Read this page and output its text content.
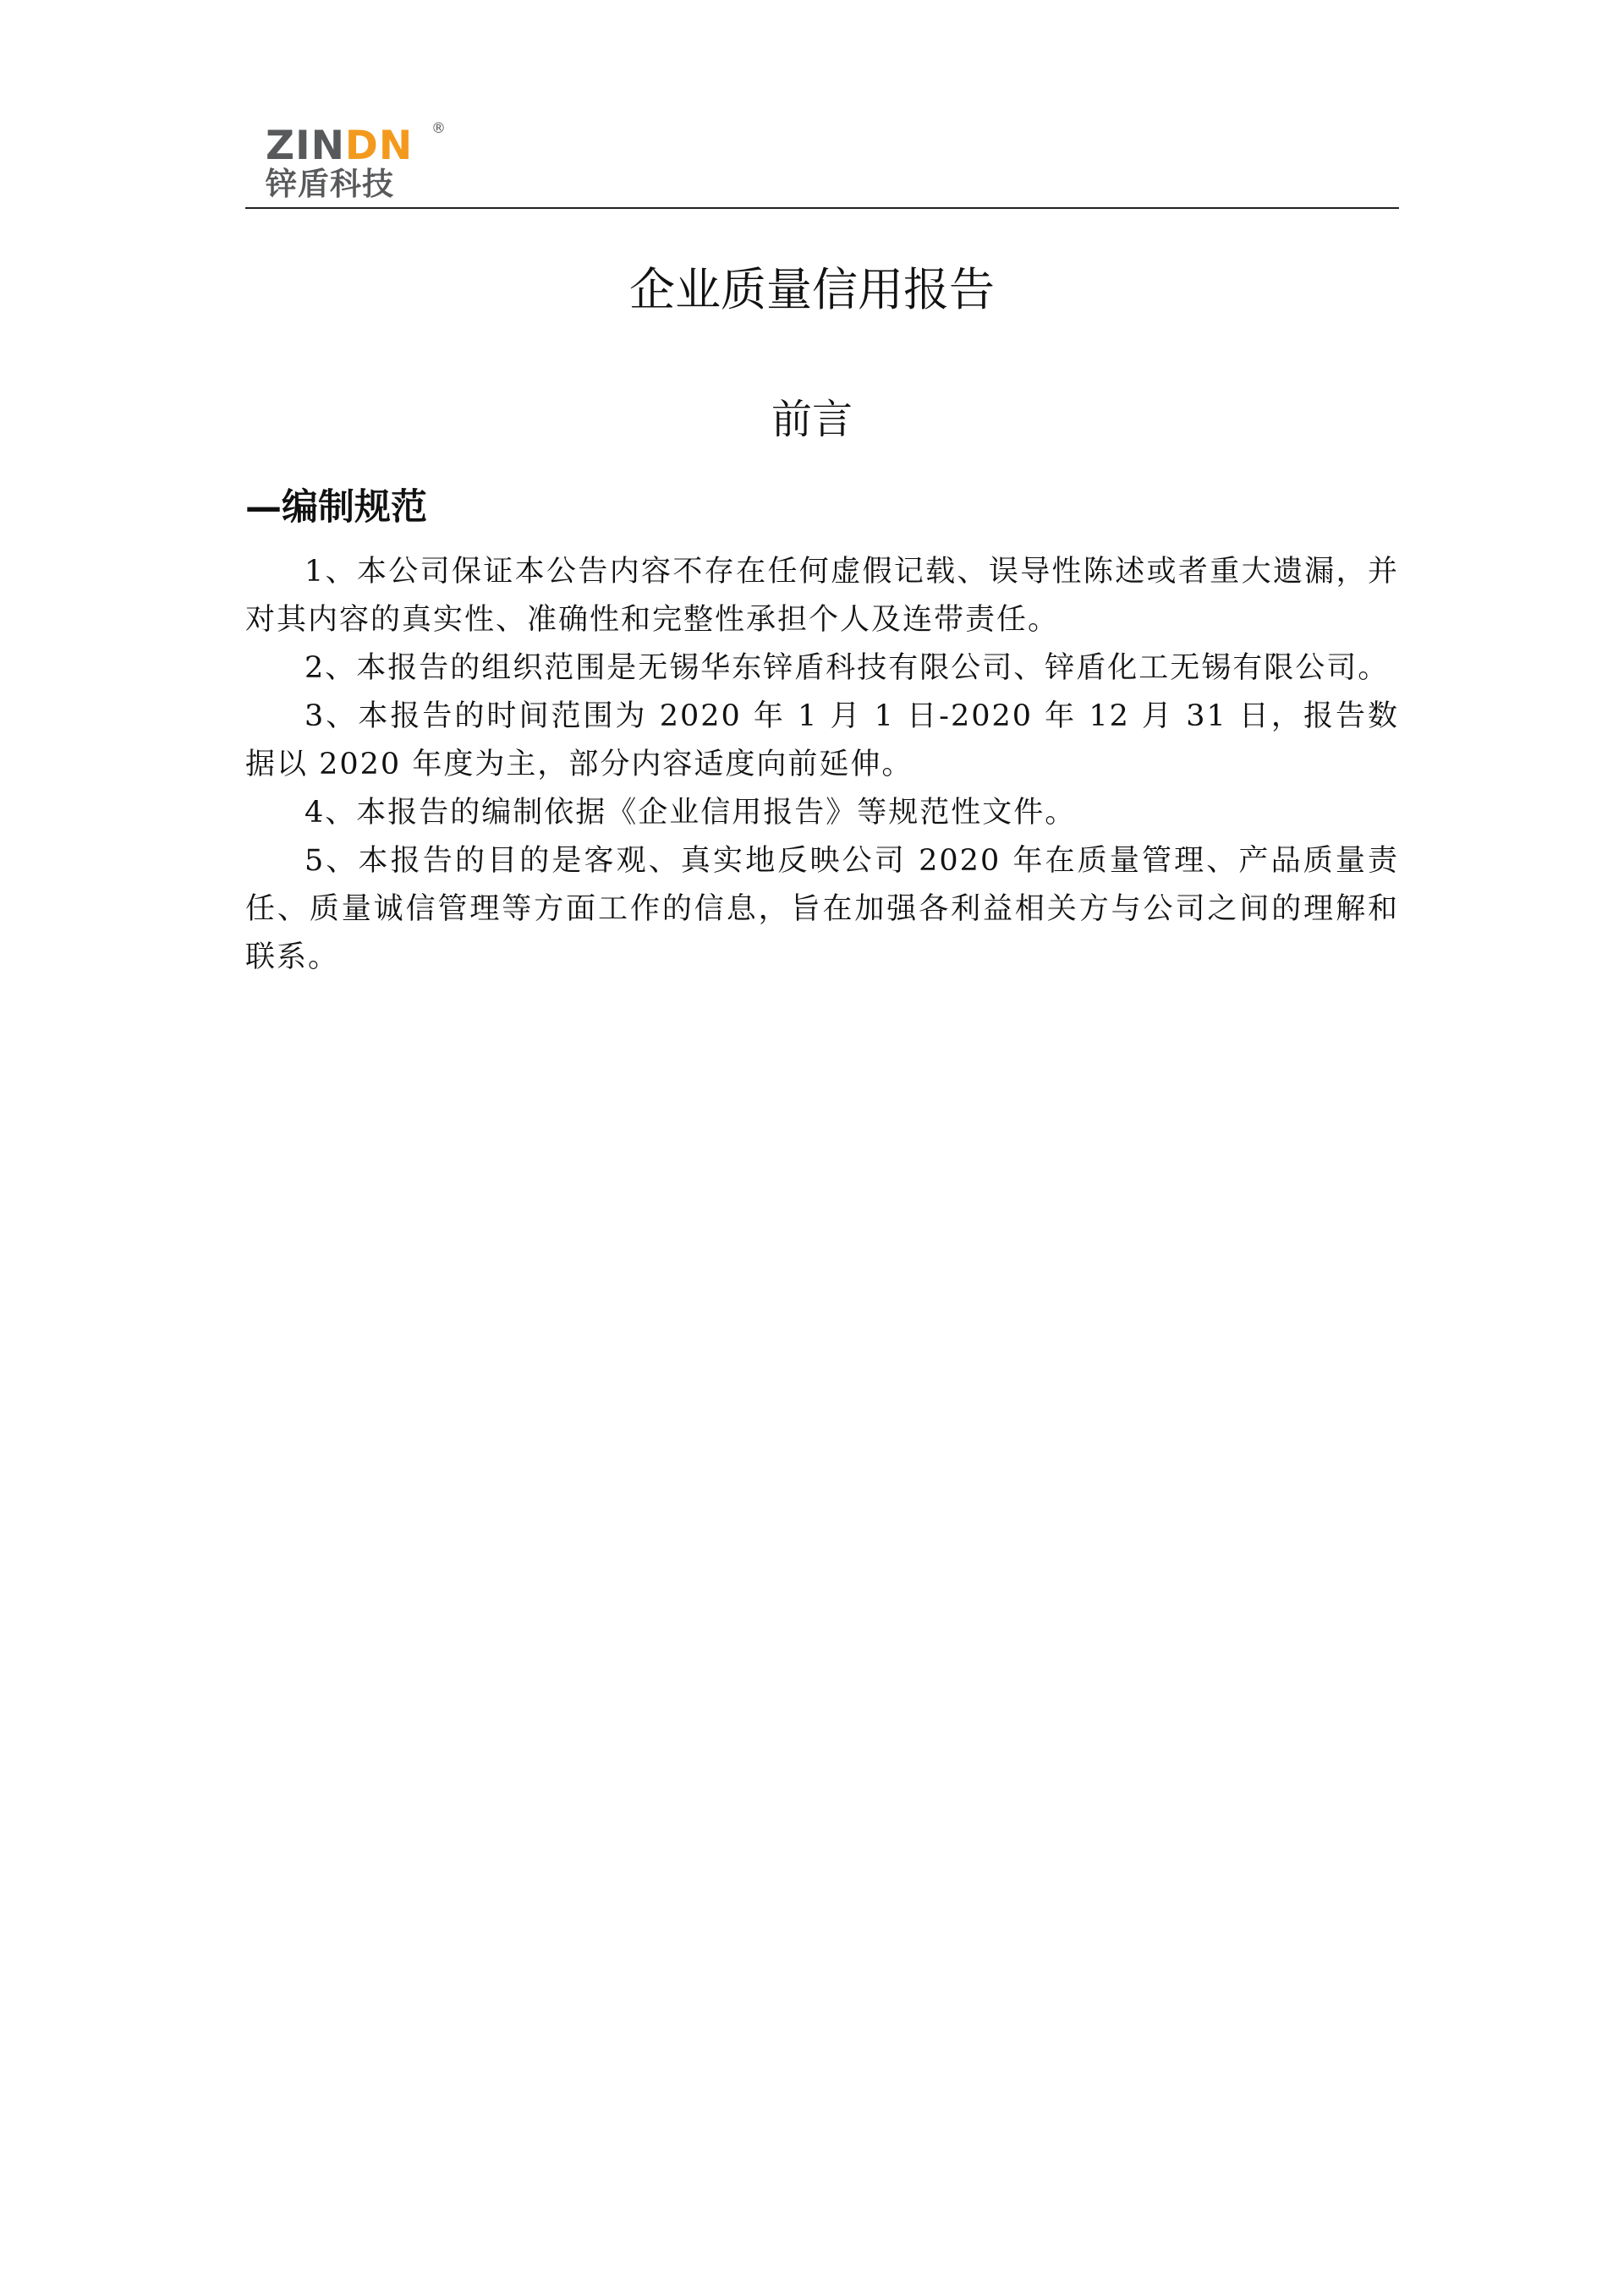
ZINDN ®
锌盾科技
企业质量信用报告
前言
—编制规范

1、本公司保证本公告内容不存在任何虚假记载、误导性陈述或者重大遗漏，并对其内容的真实性、准确性和完整性承担个人及连带责任。

2、本报告的组织范围是无锡华东锌盾科技有限公司、锌盾化工无锡有限公司。

3、本报告的时间范围为 2020 年 1 月 1 日-2020 年 12 月 31 日，报告数据以 2020 年度为主，部分内容适度向前延伸。

4、本报告的编制依据《企业信用报告》等规范性文件。

5、本报告的目的是客观、真实地反映公司 2020 年在质量管理、产品质量责任、质量诚信管理等方面工作的信息，旨在加强各利益相关方与公司之间的理解和联系。
